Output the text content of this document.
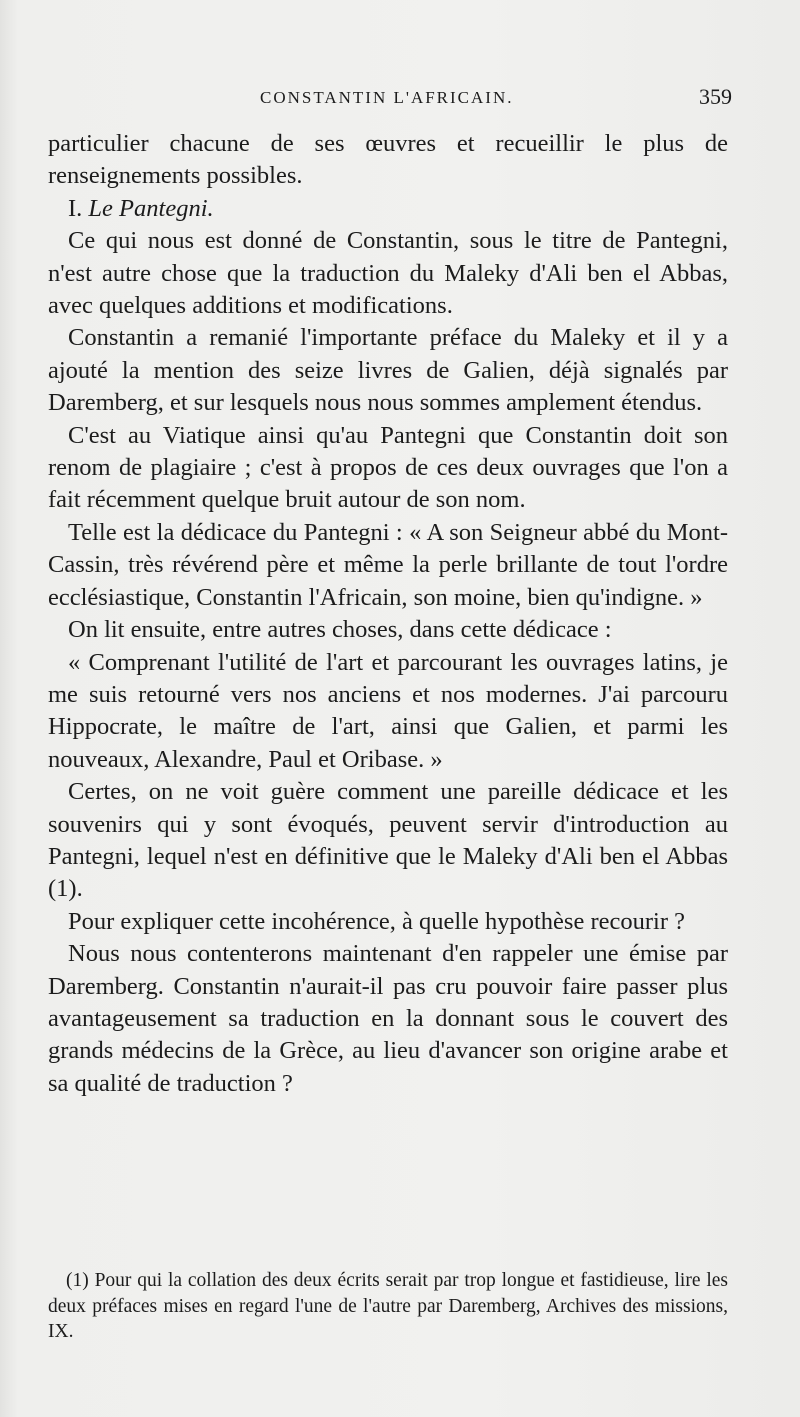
CONSTANTIN L'AFRICAIN.	359

particulier chacune de ses œuvres et recueillir le plus de renseignements possibles.

I. Le Pantegni.

Ce qui nous est donné de Constantin, sous le titre de Pantegni, n'est autre chose que la traduction du Maleky d'Ali ben el Abbas, avec quelques additions et modifications.

Constantin a remanié l'importante préface du Maleky et il y a ajouté la mention des seize livres de Galien, déjà signalés par Daremberg, et sur lesquels nous nous sommes amplement étendus.

C'est au Viatique ainsi qu'au Pantegni que Constantin doit son renom de plagiaire ; c'est à propos de ces deux ouvrages que l'on a fait récemment quelque bruit autour de son nom.

Telle est la dédicace du Pantegni : « A son Seigneur abbé du Mont-Cassin, très révérend père et même la perle brillante de tout l'ordre ecclésiastique, Constantin l'Africain, son moine, bien qu'indigne. »

On lit ensuite, entre autres choses, dans cette dédicace :

« Comprenant l'utilité de l'art et parcourant les ouvrages latins, je me suis retourné vers nos anciens et nos modernes. J'ai parcouru Hippocrate, le maître de l'art, ainsi que Galien, et parmi les nouveaux, Alexandre, Paul et Oribase. »

Certes, on ne voit guère comment une pareille dédicace et les souvenirs qui y sont évoqués, peuvent servir d'introduction au Pantegni, lequel n'est en définitive que le Maleky d'Ali ben el Abbas (1).

Pour expliquer cette incohérence, à quelle hypothèse recourir ?

Nous nous contenterons maintenant d'en rappeler une émise par Daremberg. Constantin n'aurait-il pas cru pouvoir faire passer plus avantageusement sa traduction en la donnant sous le couvert des grands médecins de la Grèce, au lieu d'avancer son origine arabe et sa qualité de traduction ?

(1) Pour qui la collation des deux écrits serait par trop longue et fastidieuse, lire les deux préfaces mises en regard l'une de l'autre par Daremberg, Archives des missions, IX.
